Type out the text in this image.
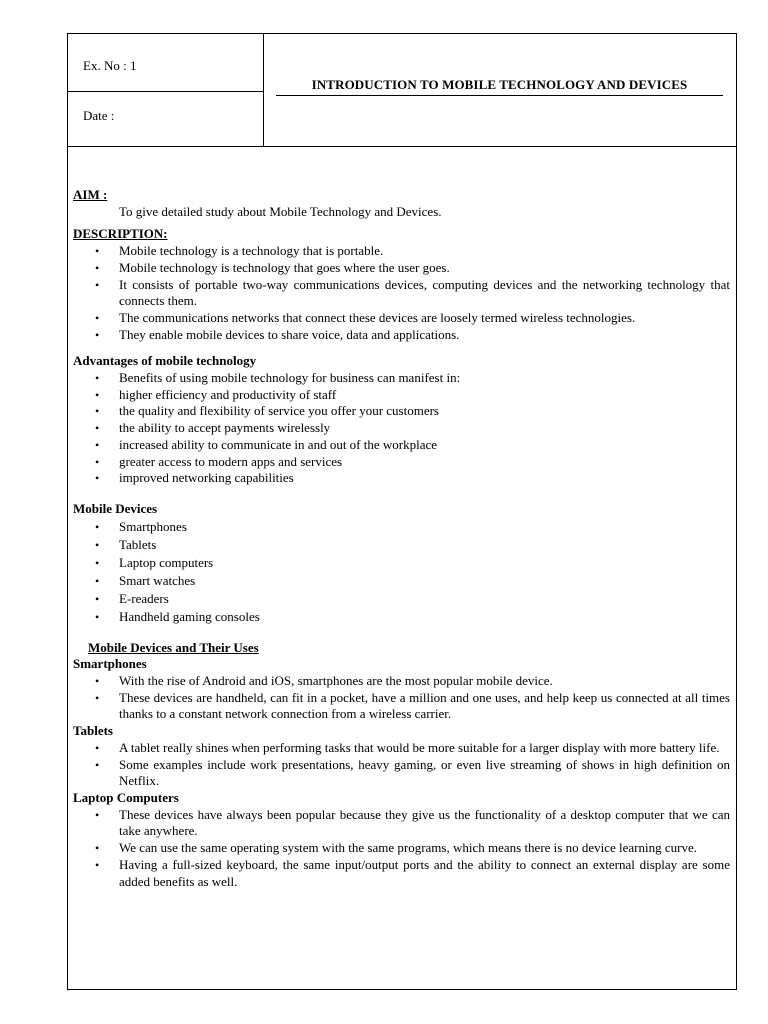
Ex. No : 1
Date :
INTRODUCTION TO MOBILE TECHNOLOGY AND DEVICES
AIM :
To give detailed study about Mobile Technology and Devices.
DESCRIPTION:
• Mobile technology is a technology that is portable.
• Mobile technology is technology that goes where the user goes.
• It consists of portable two-way communications devices, computing devices and the networking technology that connects them.
• The communications networks that connect these devices are loosely termed wireless technologies.
• They enable mobile devices to share voice, data and applications.
Advantages of mobile technology
• Benefits of using mobile technology for business can manifest in:
• higher efficiency and productivity of staff
• the quality and flexibility of service you offer your customers
• the ability to accept payments wirelessly
• increased ability to communicate in and out of the workplace
• greater access to modern apps and services
• improved networking capabilities
Mobile Devices
• Smartphones
• Tablets
• Laptop computers
• Smart watches
• E-readers
• Handheld gaming consoles
Mobile Devices and Their Uses
Smartphones
• With the rise of Android and iOS, smartphones are the most popular mobile device.
• These devices are handheld, can fit in a pocket, have a million and one uses, and help keep us connected at all times thanks to a constant network connection from a wireless carrier.
Tablets
• A tablet really shines when performing tasks that would be more suitable for a larger display with more battery life.
• Some examples include work presentations, heavy gaming, or even live streaming of shows in high definition on Netflix.
Laptop Computers
• These devices have always been popular because they give us the functionality of a desktop computer that we can take anywhere.
• We can use the same operating system with the same programs, which means there is no device learning curve.
• Having a full-sized keyboard, the same input/output ports and the ability to connect an external display are some added benefits as well.
